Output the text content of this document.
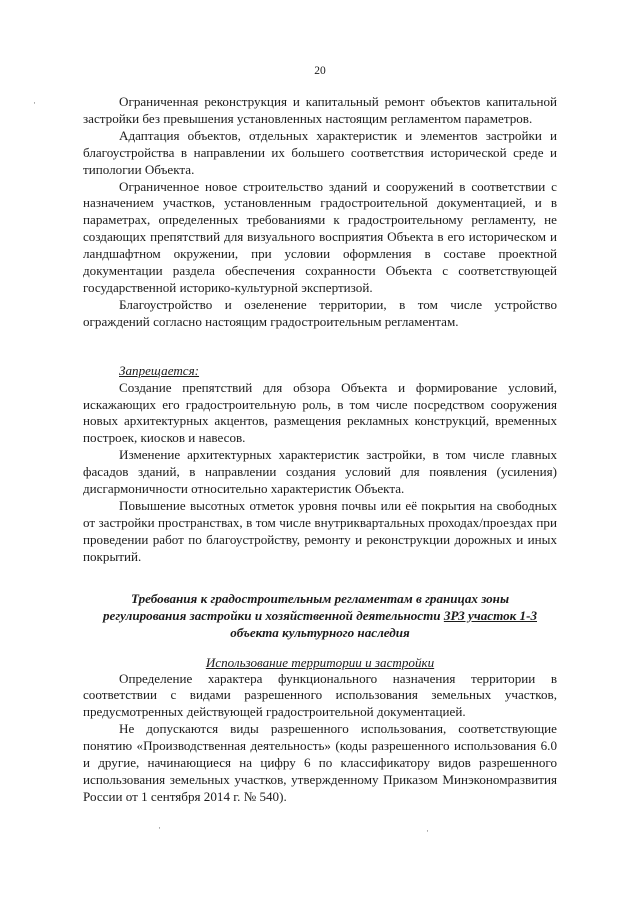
20

Ограниченная реконструкция и капитальный ремонт объектов капитальной застройки без превышения установленных настоящим регламентом параметров.

Адаптация объектов, отдельных характеристик и элементов застройки и благоустройства в направлении их большего соответствия исторической среде и типологии Объекта.

Ограниченное новое строительство зданий и сооружений в соответствии с назначением участков, установленным градостроительной документацией, и в параметрах, определенных требованиями к градостроительному регламенту, не создающих препятствий для визуального восприятия Объекта в его историческом и ландшафтном окружении, при условии оформления в составе проектной документации раздела обеспечения сохранности Объекта с соответствующей государственной историко-культурной экспертизой.

Благоустройство и озеленение территории, в том числе устройство ограждений согласно настоящим градостроительным регламентам.

Запрещается:

Создание препятствий для обзора Объекта и формирование условий, искажающих его градостроительную роль, в том числе посредством сооружения новых архитектурных акцентов, размещения рекламных конструкций, временных построек, киосков и навесов.

Изменение архитектурных характеристик застройки, в том числе главных фасадов зданий, в направлении создания условий для появления (усиления) дисгармоничности относительно характеристик Объекта.

Повышение высотных отметок уровня почвы или её покрытия на свободных от застройки пространствах, в том числе внутриквартальных проходах/проездах при проведении работ по благоустройству, ремонту и реконструкции дорожных и иных покрытий.

Требования к градостроительным регламентам в границах зоны
регулирования застройки и хозяйственной деятельности ЗРЗ участок 1-3
объекта культурного наследия
Использование территории и застройки

Определение характера функционального назначения территории в соответствии с видами разрешенного использования земельных участков, предусмотренных действующей градостроительной документацией.

Не допускаются виды разрешенного использования, соответствующие понятию «Производственная деятельность» (коды разрешенного использования 6.0 и другие, начинающиеся на цифру 6 по классификатору видов разрешенного использования земельных участков, утвержденному Приказом Минэкономразвития России от 1 сентября 2014 г. № 540).

·
·	·
